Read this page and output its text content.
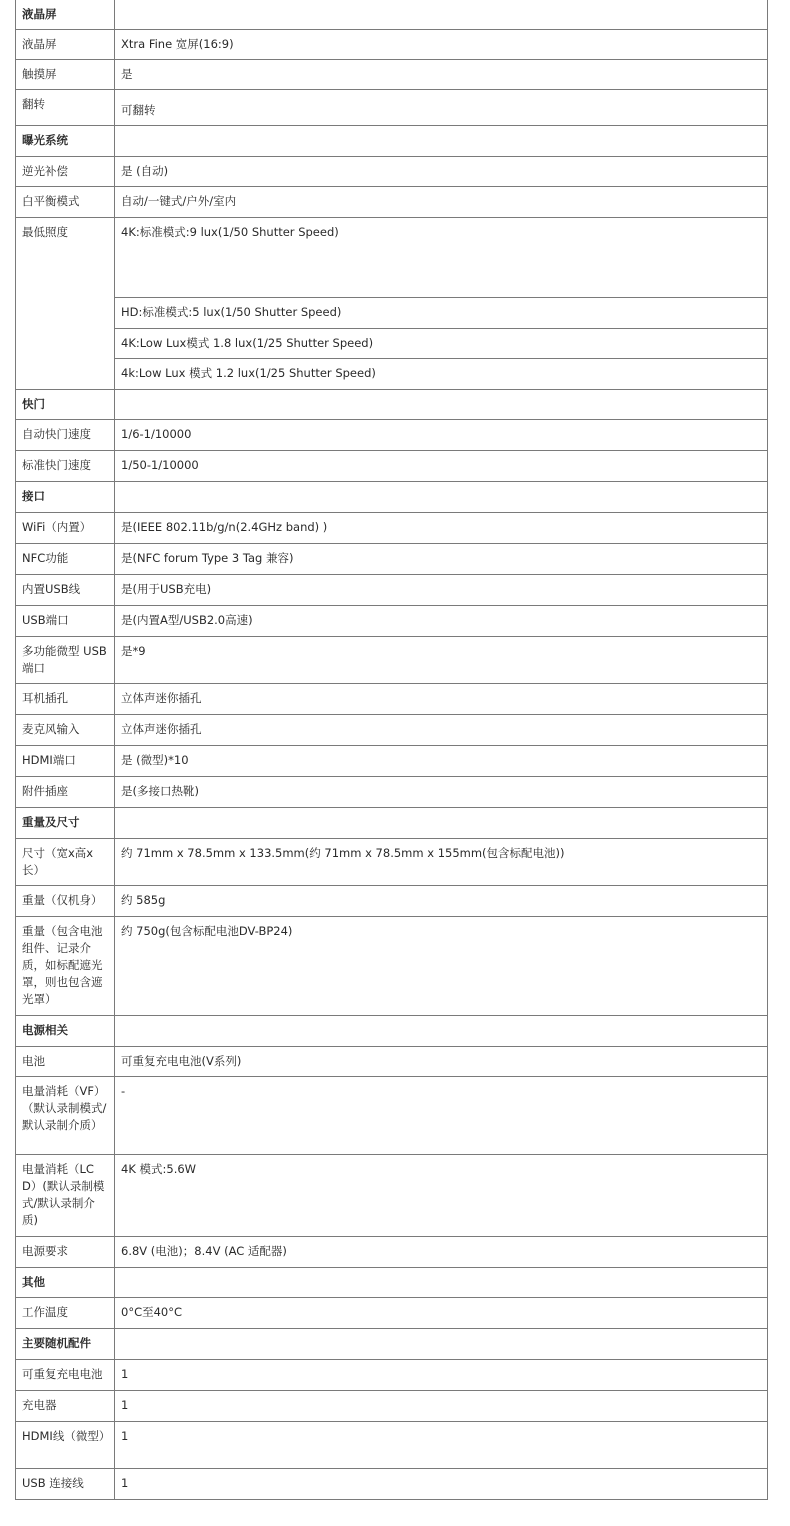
液晶屏	
液晶屏	Xtra Fine 宽屏(16:9)
触摸屏	是
翻转	可翻转
曝光系统	
逆光补偿	是 (自动)
白平衡模式	自动/一键式/户外/室内
最低照度	4K:标准模式:9 lux(1/50 Shutter Speed)
	HD:标准模式:5 lux(1/50 Shutter Speed)
	4K:Low Lux模式 1.8 lux(1/25 Shutter Speed)
	4k:Low Lux 模式 1.2 lux(1/25 Shutter Speed)
快门	
自动快门速度	1/6-1/10000
标准快门速度	1/50-1/10000
接口	
WiFi（内置）	是(IEEE 802.11b/g/n(2.4GHz band) )
NFC功能	是(NFC forum Type 3 Tag 兼容)
内置USB线	是(用于USB充电)
USB端口	是(内置A型/USB2.0高速)
多功能微型 USB 端口	是*9
耳机插孔	立体声迷你插孔
麦克风输入	立体声迷你插孔
HDMI端口	是 (微型)*10
附件插座	是(多接口热靴)
重量及尺寸	
尺寸（宽x高x长）	约 71mm x 78.5mm x 133.5mm(约 71mm x 78.5mm x 155mm(包含标配电池))
重量（仅机身）	约 585g
重量（包含电池组件、记录介质，如标配遮光罩，则也包含遮光罩）	约 750g(包含标配电池DV-BP24)
电源相关	
电池	可重复充电电池(V系列)
电量消耗（VF）（默认录制模式/默认录制介质）	-
电量消耗（LCD）(默认录制模式/默认录制介质)	4K 模式:5.6W
电源要求	6.8V (电池)；8.4V (AC 适配器)
其他	
工作温度	0°C至40°C
主要随机配件	
可重复充电电池	1
充电器	1
HDMI线（微型）	1
USB 连接线	1
